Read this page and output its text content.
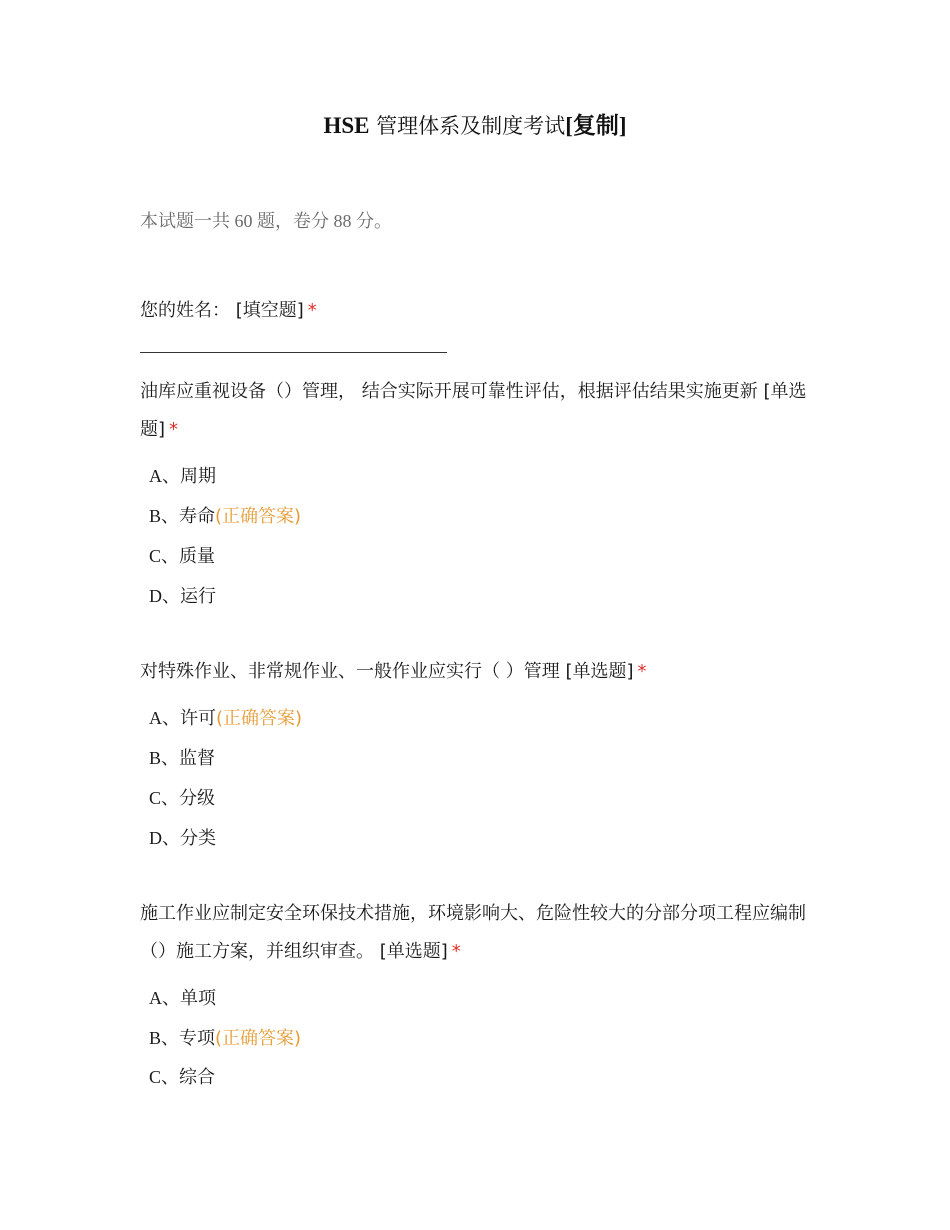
HSE 管理体系及制度考试[复制]
本试题一共 60 题，卷分 88 分。
您的姓名： [填空题] *
油库应重视设备（）管理， 结合实际开展可靠性评估，根据评估结果实施更新 [单选题] *
A、周期
B、寿命(正确答案)
C、质量
D、运行
对特殊作业、非常规作业、一般作业应实行（ ）管理 [单选题] *
A、许可(正确答案)
B、监督
C、分级
D、分类
施工作业应制定安全环保技术措施，环境影响大、危险性较大的分部分项工程应编制（）施工方案，并组织审查。 [单选题] *
A、单项
B、专项(正确答案)
C、综合
